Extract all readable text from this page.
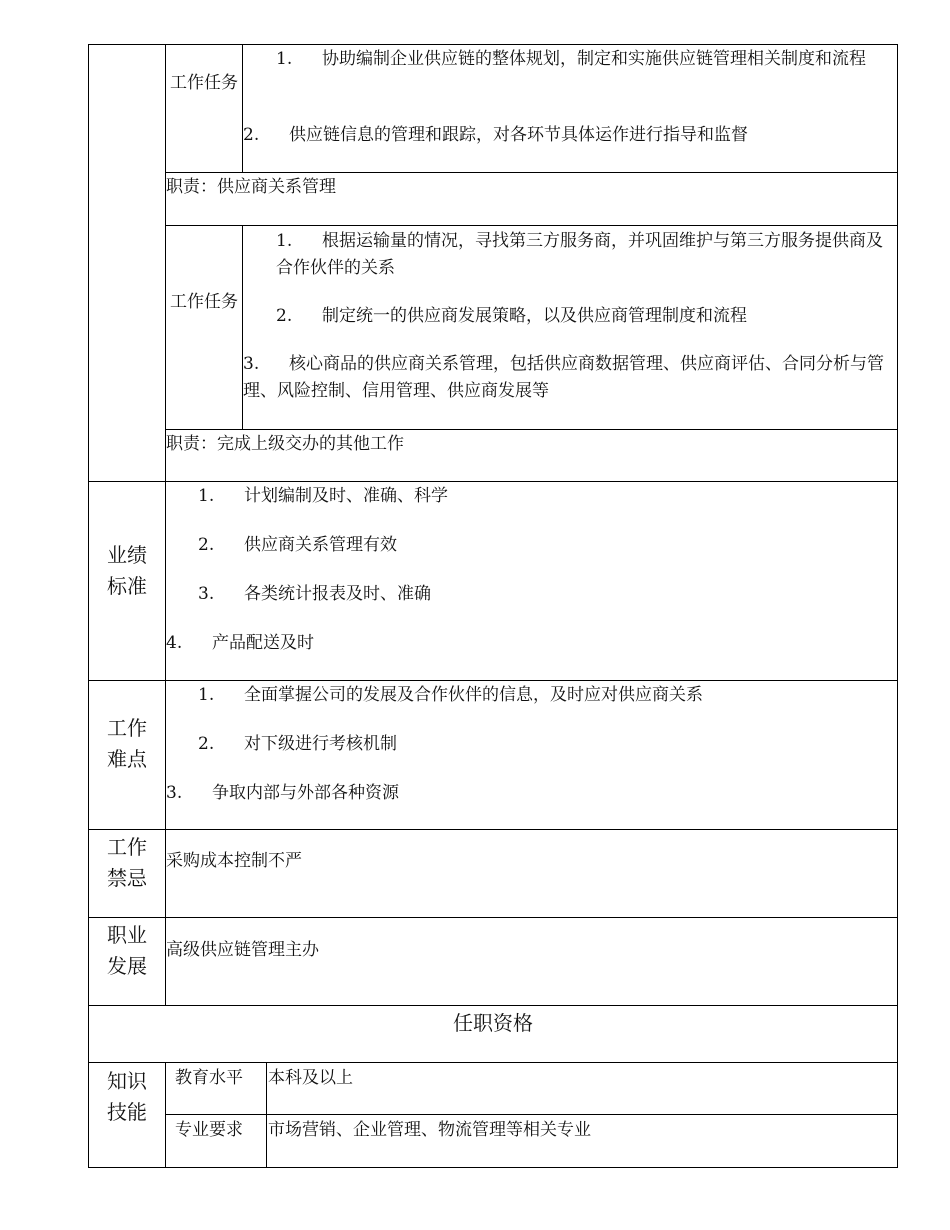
工作任务
1. 协助编制企业供应链的整体规划，制定和实施供应链管理相关制度和流程
2. 供应链信息的管理和跟踪，对各环节具体运作进行指导和监督
职责：供应商关系管理
工作任务
1. 根据运输量的情况，寻找第三方服务商，并巩固维护与第三方服务提供商及合作伙伴的关系
2. 制定统一的供应商发展策略，以及供应商管理制度和流程
3. 核心商品的供应商关系管理，包括供应商数据管理、供应商评估、合同分析与管理、风险控制、信用管理、供应商发展等
职责：完成上级交办的其他工作
业绩
标准
1. 计划编制及时、准确、科学
2. 供应商关系管理有效
3. 各类统计报表及时、准确
4. 产品配送及时
工作
难点
1. 全面掌握公司的发展及合作伙伴的信息，及时应对供应商关系
2. 对下级进行考核机制
3. 争取内部与外部各种资源
工作
禁忌
采购成本控制不严
职业
发展
高级供应链管理主办
任职资格
知识
技能
教育水平 本科及以上
专业要求 市场营销、企业管理、物流管理等相关专业
